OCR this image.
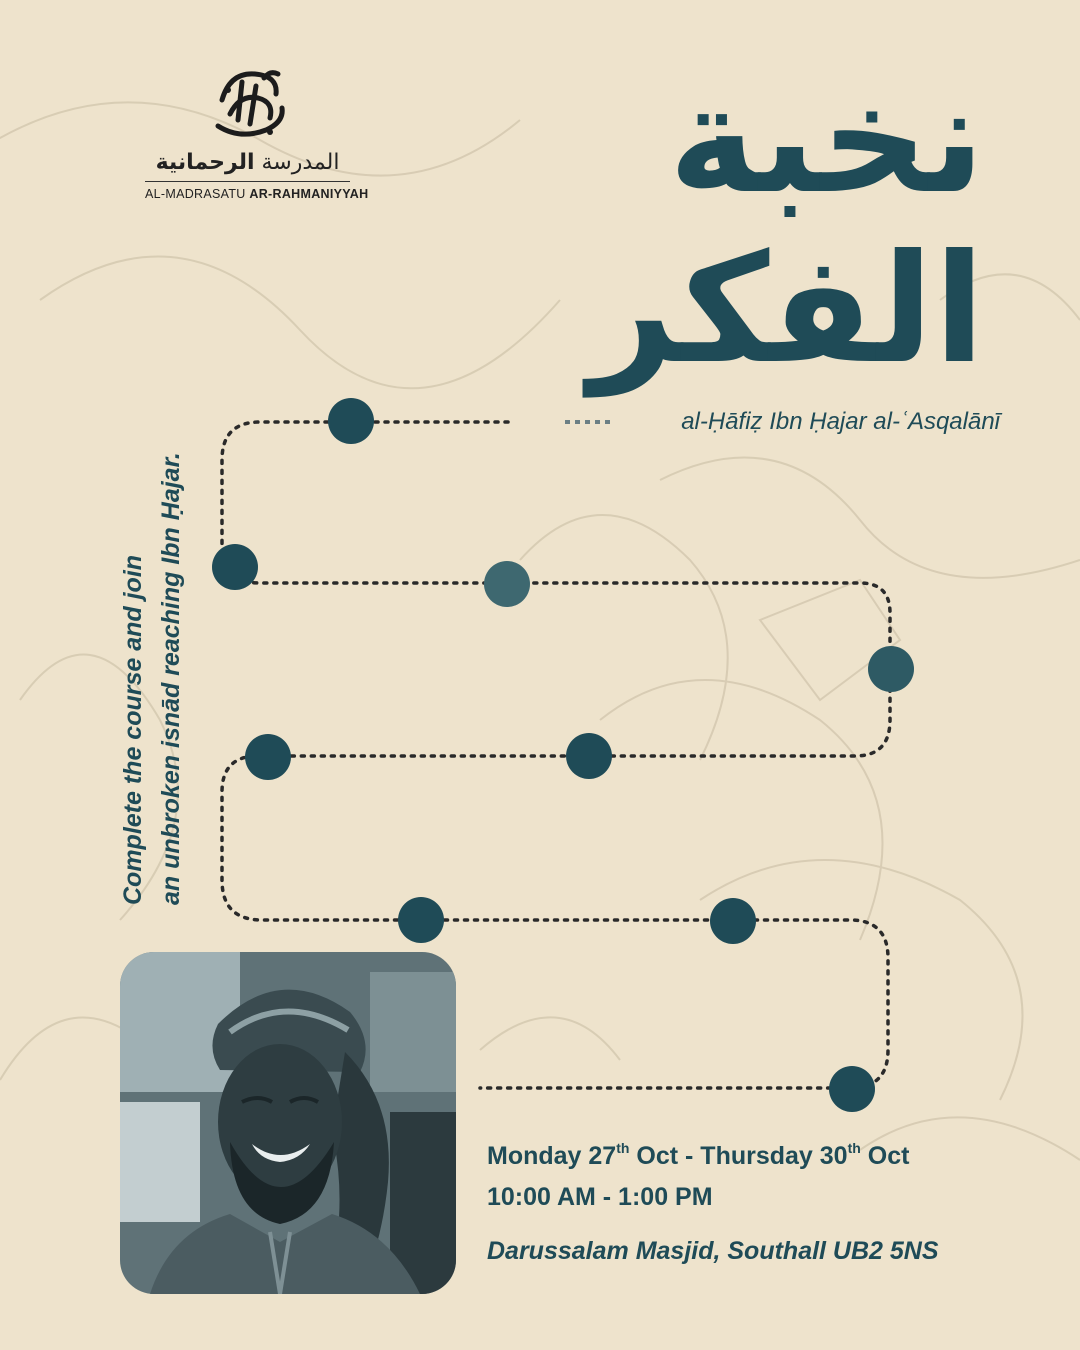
المدرسة الرحمانية
AL-MADRASATU AR-RAHMANIYYAH	نخبة
الفكر
al-Ḥāfiẓ Ibn Ḥajar al-ʿAsqalānī
Complete the course and join an unbroken isnād reaching Ibn Ḥajar.
Monday 27th Oct - Thursday 30th Oct
10:00 AM - 1:00 PM
Darussalam Masjid, Southall UB2 5NS
